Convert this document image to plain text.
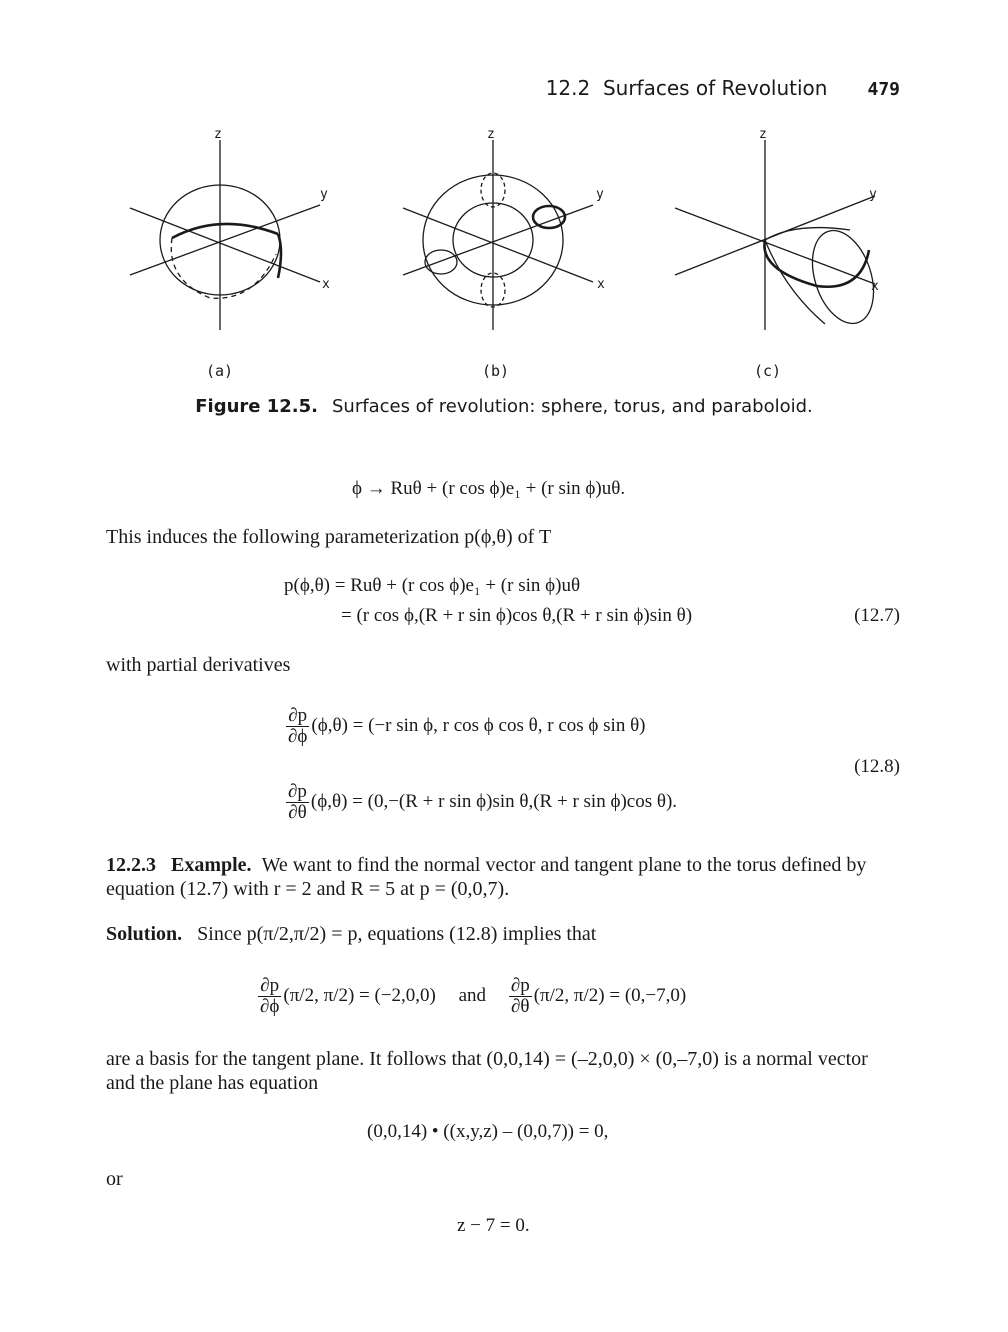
12.2  Surfaces of Revolution 479
z
y
x
z
y
x
z
y
x
(a)	(b)	(c)
Figure 12.5. Surfaces of revolution: sphere, torus, and paraboloid.
ϕ → Ruθ + (r cos ϕ)e₁ + (r sin ϕ)uθ.
This induces the following parameterization p(ϕ,θ) of T
p(ϕ,θ) = Ruθ + (r cos ϕ)e₁ + (r sin ϕ)uθ
= (r cos ϕ,(R + r sin ϕ)cos θ,(R + r sin ϕ)sin θ)	(12.7)
with partial derivatives
$\frac{\partial p}{\partial\phi} (\phi,\theta) = (-r$ sin ϕ, r cos ϕ cos θ, r cos ϕ sin θ)
(12.8)
$\frac{\partial p}{\partial\theta} (\phi,\theta) = (0,-(R + r$ sin ϕ)sin θ,(R + r sin ϕ)cos θ).
12.2.3   Example. We want to find the normal vector and tangent plane to the torus defined by equation (12.7) with r = 2 and R = 5 at p = (0,0,7).
Solution. Since p(π/2,π/2) = p, equations (12.8) implies that
$\frac{\partial p}{\partial\phi} (\pi/2$, π/2) = (−2,0,0) and $\frac{\partial p}{\partial\theta} (\pi/2$, π/2) = (0,−7,0)
are a basis for the tangent plane. It follows that (0,0,14) = (–2,0,0) × (0,–7,0) is a normal vector and the plane has equation
(0,0,14) • ((x,y,z) – (0,0,7)) = 0,
or
z − 7 = 0.
